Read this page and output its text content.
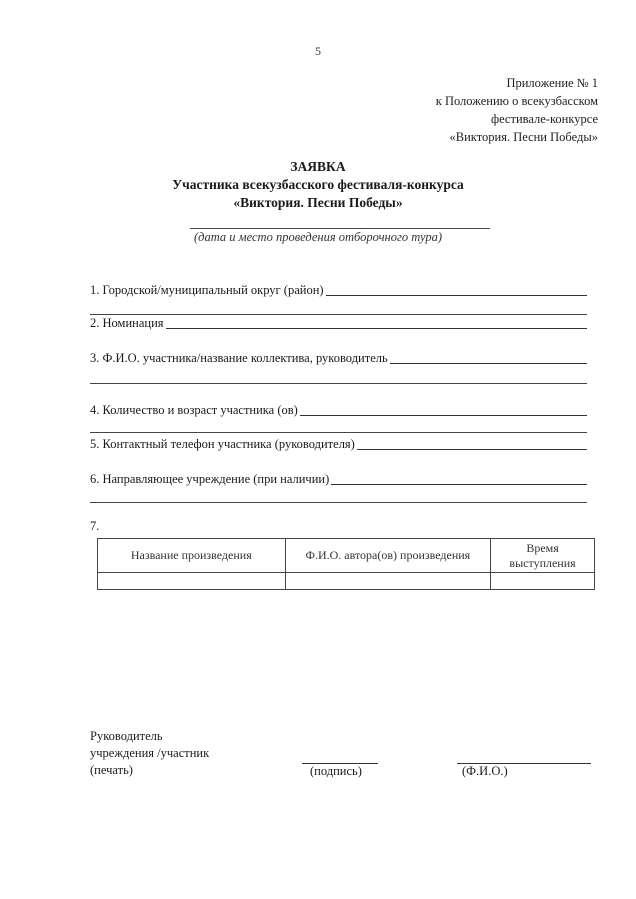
5
Приложение № 1
к Положению о всекузбасском
фестивале-конкурсе
«Виктория. Песни Победы»
ЗАЯВКА
Участника всекузбасского фестиваля-конкурса
«Виктория. Песни Победы»
(дата и место проведения отборочного тура)
1. Городской/муниципальный округ (район)
2. Номинация
3. Ф.И.О. участника/название коллектива, руководитель
4. Количество и возраст участника (ов)
5. Контактный телефон участника (руководителя)
6. Направляющее учреждение (при наличии)
7.
Название произведения	Ф.И.О. автора(ов) произведения	Время выступления

Руководитель
учреждения /участник
(печать)	(подпись)	(Ф.И.О.)
